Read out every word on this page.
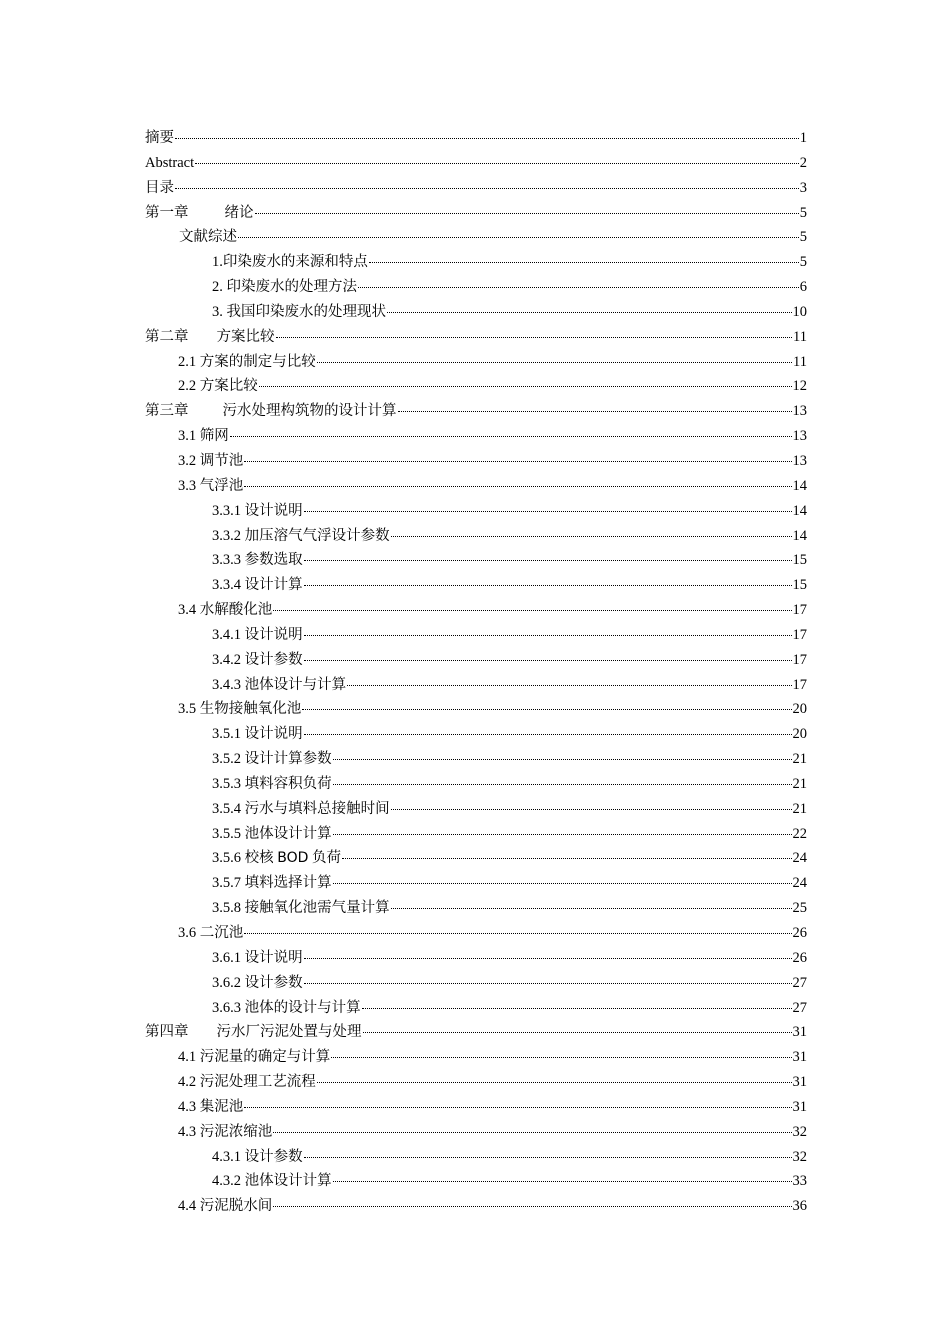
摘要	1
Abstract	2
目录	3
第一章 绪论	5
文献综述	5
1.印染废水的来源和特点	5
2. 印染废水的处理方法	6
3. 我国印染废水的处理现状	10
第二章 方案比较	11
2.1 方案的制定与比较	11
2.2 方案比较	12
第三章 污水处理构筑物的设计计算	13
3.1 筛网	13
3.2 调节池	13
3.3 气浮池	14
3.3.1 设计说明	14
3.3.2 加压溶气气浮设计参数	14
3.3.3 参数选取	15
3.3.4 设计计算	15
3.4 水解酸化池	17
3.4.1 设计说明	17
3.4.2 设计参数	17
3.4.3 池体设计与计算	17
3.5 生物接触氧化池	20
3.5.1 设计说明	20
3.5.2 设计计算参数	21
3.5.3 填料容积负荷	21
3.5.4 污水与填料总接触时间	21
3.5.5 池体设计计算	22
3.5.6 校核 BOD 负荷	24
3.5.7 填料选择计算	24
3.5.8 接触氧化池需气量计算	25
3.6 二沉池	26
3.6.1 设计说明	26
3.6.2 设计参数	27
3.6.3 池体的设计与计算	27
第四章 污水厂污泥处置与处理	31
4.1 污泥量的确定与计算	31
4.2 污泥处理工艺流程	31
4.3 集泥池	31
4.3 污泥浓缩池	32
4.3.1 设计参数	32
4.3.2 池体设计计算	33
4.4 污泥脱水间	36
